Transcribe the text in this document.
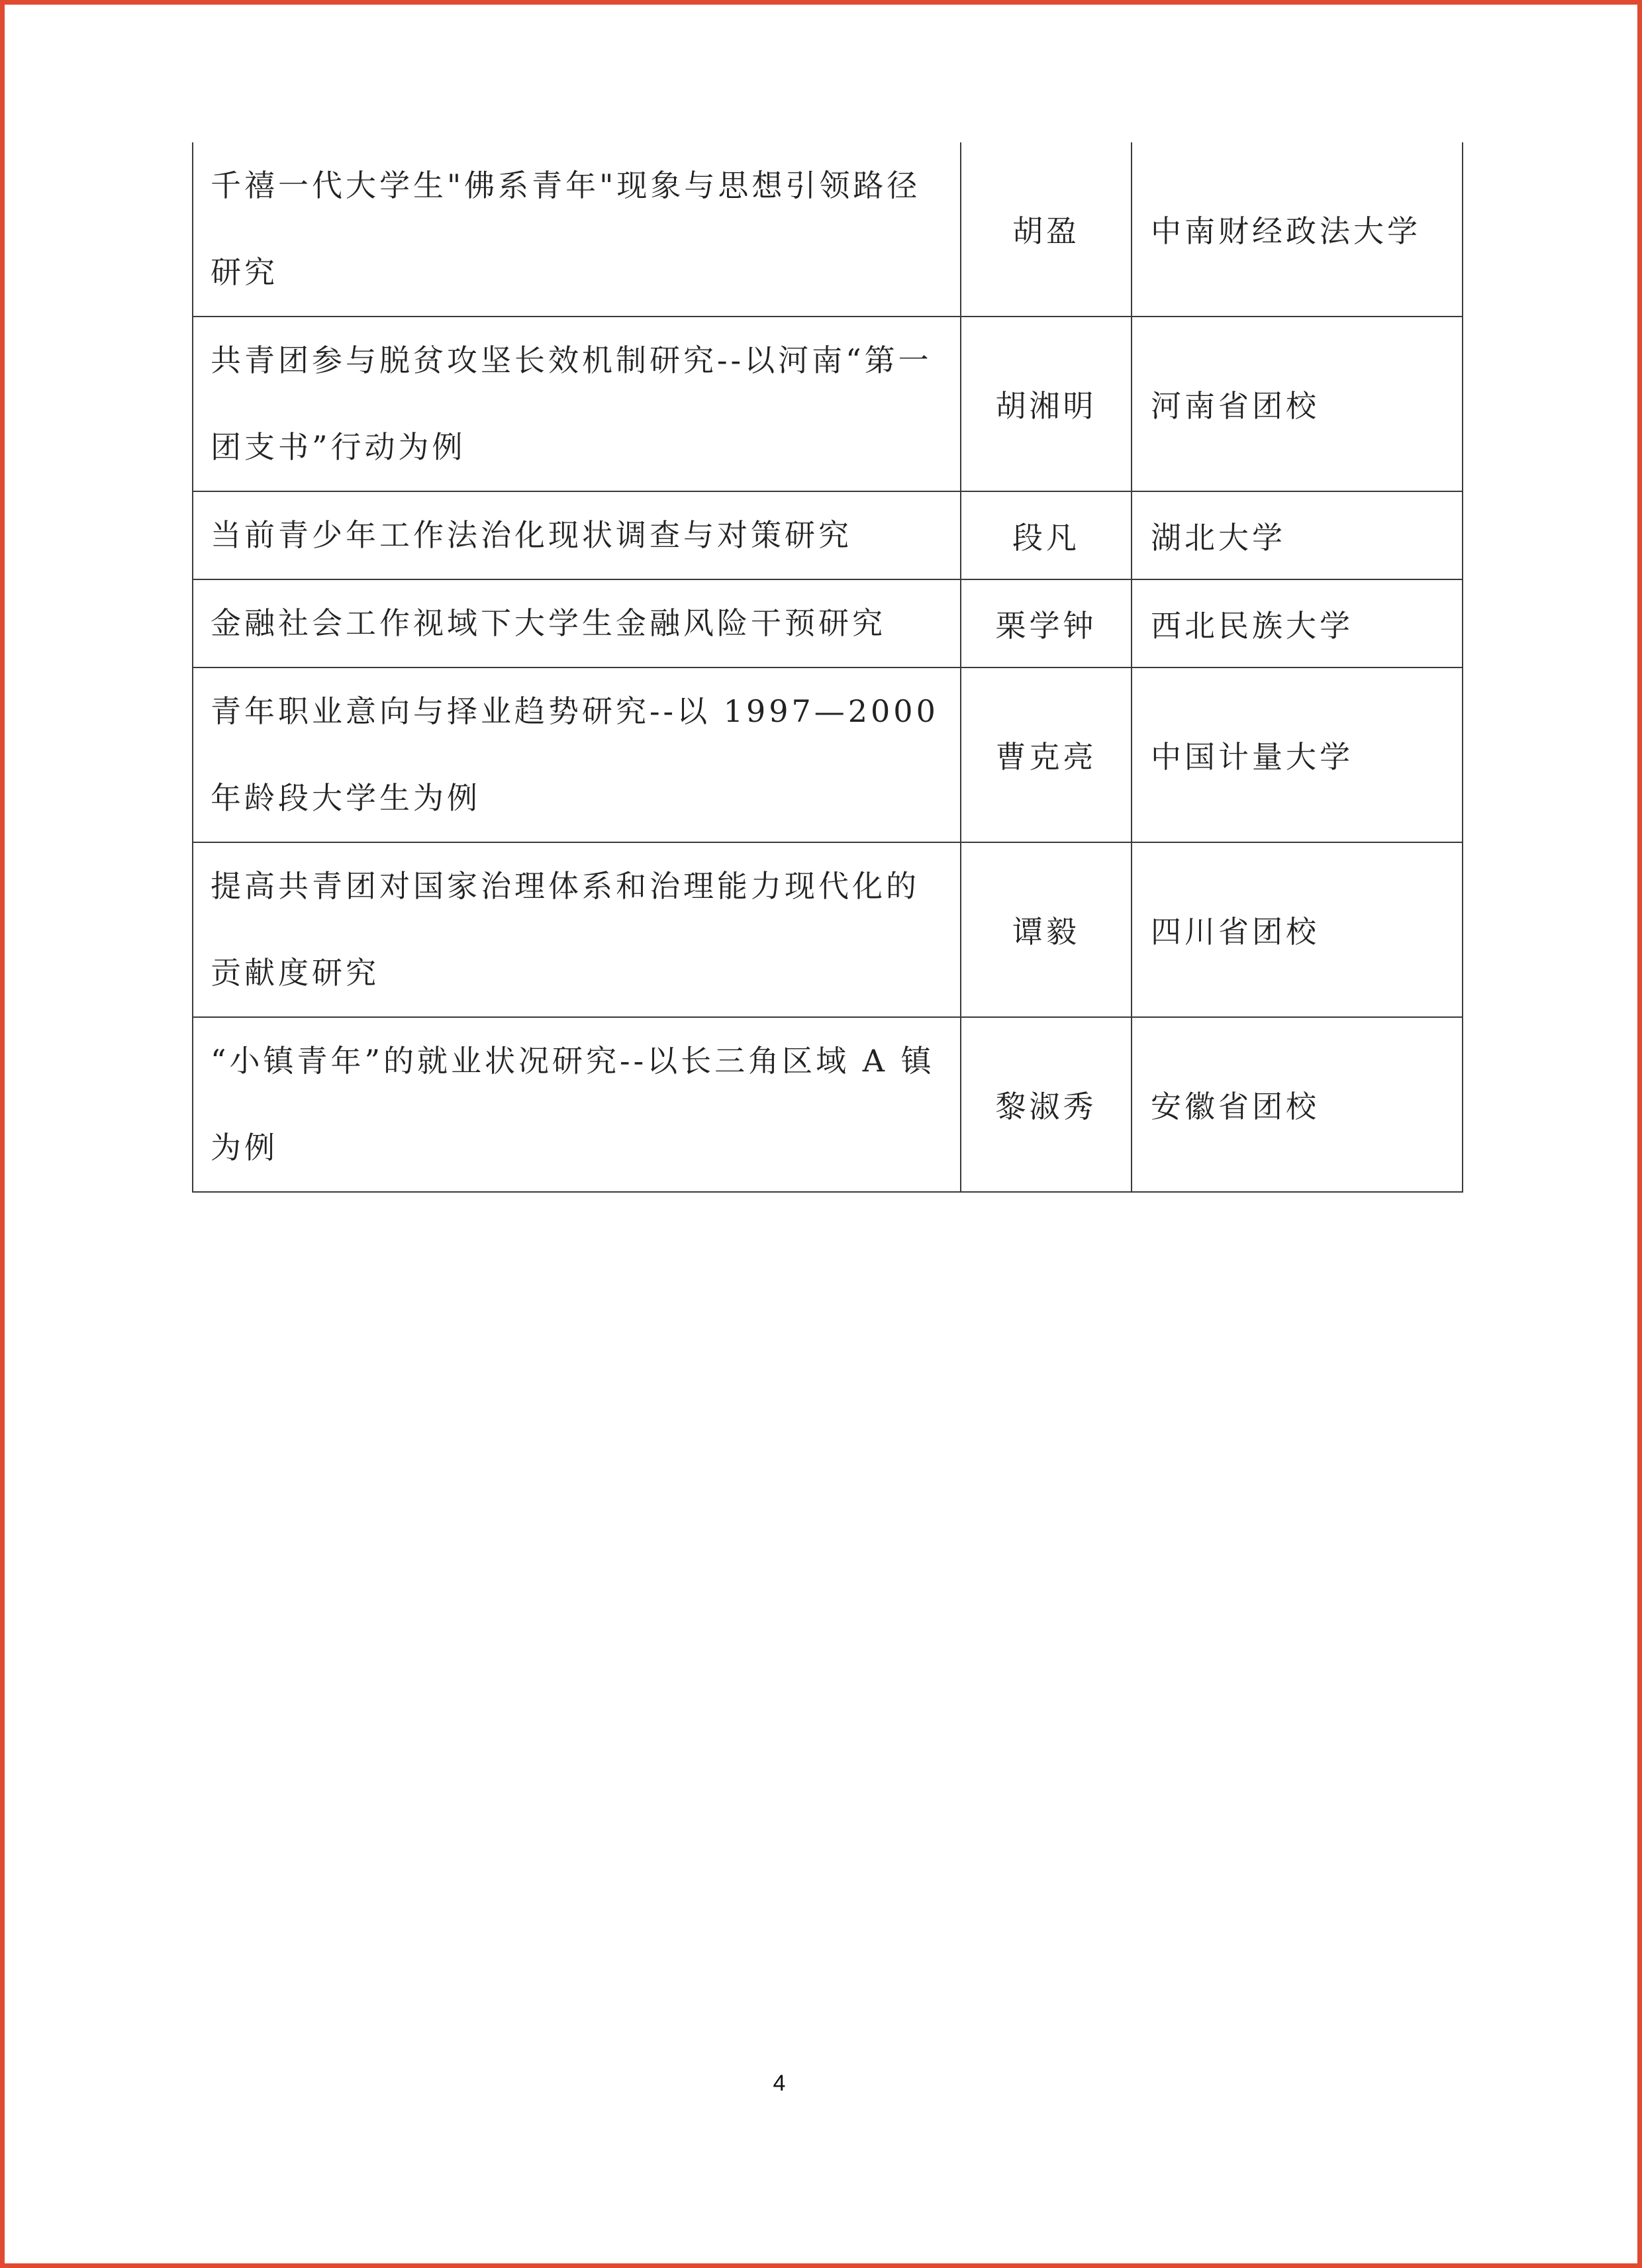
千禧一代大学生"佛系青年"现象与思想引领路径研究	胡盈	中南财经政法大学
共青团参与脱贫攻坚长效机制研究--以河南“第一团支书”行动为例	胡湘明	河南省团校
当前青少年工作法治化现状调查与对策研究	段凡	湖北大学
金融社会工作视域下大学生金融风险干预研究	栗学钟	西北民族大学
青年职业意向与择业趋势研究--以 1997—2000 年龄段大学生为例	曹克亮	中国计量大学
提高共青团对国家治理体系和治理能力现代化的贡献度研究	谭毅	四川省团校
“小镇青年”的就业状况研究--以长三角区域 A 镇为例	黎淑秀	安徽省团校
4
